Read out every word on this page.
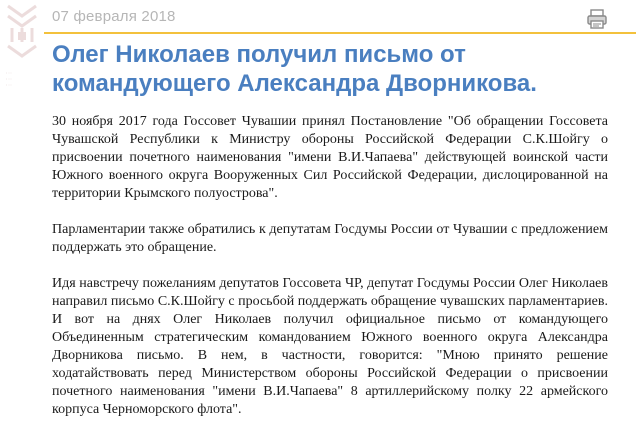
⋮⋮⋮
07 февраля 2018
Олег Николаев получил письмо от командующего Александра Дворникова.

30 ноября 2017 года Госсовет Чувашии принял Постановление "Об обращении Госсовета Чувашской Республики к Министру обороны Российской Федерации С.К.Шойгу о присвоении почетного наименования "имени В.И.Чапаева" действующей воинской части Южного военного округа Вооруженных Сил Российской Федерации, дислоцированной на территории Крымского полуострова".

Парламентарии также обратились к депутатам Госдумы России от Чувашии с предложением поддержать это обращение.

Идя навстречу пожеланиям депутатов Госсовета ЧР, депутат Госдумы России Олег Николаев направил письмо С.К.Шойгу с просьбой поддержать обращение чувашских парламентариев. И вот на днях Олег Николаев получил официальное письмо от командующего Объединенным стратегическим командованием Южного военного округа Александра Дворникова письмо. В нем, в частности, говорится: "Мною принято решение ходатайствовать перед Министерством обороны Российской Федерации о присвоении почетного наименования "имени В.И.Чапаева" 8 артиллерийскому полку 22 армейского корпуса Черноморского флота".
